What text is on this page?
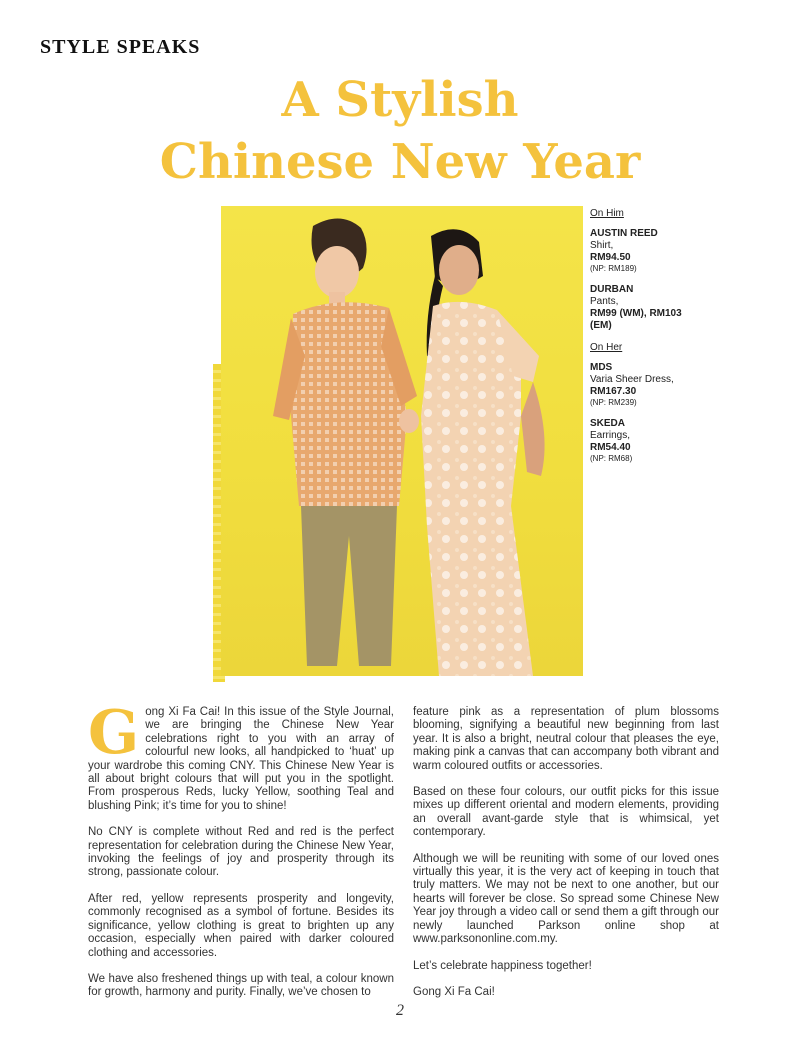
STYLE SPEAKS
A Stylish
Chinese New Year
On Him
AUSTIN REED
Shirt,
RM94.50
(NP: RM189)
DURBAN
Pants,
RM99 (WM), RM103 (EM)
On Her
MDS
Varia Sheer Dress,
RM167.30
(NP: RM239)
SKEDA
Earrings,
RM54.40
(NP: RM68)

Gong Xi Fa Cai! In this issue of the Style Journal, we are bringing the Chinese New Year celebrations right to you with an array of colourful new looks, all handpicked to ‘huat’ up your wardrobe this coming CNY. This Chinese New Year is all about bright colours that will put you in the spotlight. From prosperous Reds, lucky Yellow, soothing Teal and blushing Pink; it’s time for you to shine!

No CNY is complete without Red and red is the perfect representation for celebration during the Chinese New Year, invoking the feelings of joy and prosperity through its strong, passionate colour.

After red, yellow represents prosperity and longevity, commonly recognised as a symbol of fortune. Besides its significance, yellow clothing is great to brighten up any occasion, especially when paired with darker coloured clothing and accessories.

We have also freshened things up with teal, a colour known for growth, harmony and purity. Finally, we’ve chosen to

feature pink as a representation of plum blossoms blooming, signifying a beautiful new beginning from last year. It is also a bright, neutral colour that pleases the eye, making pink a canvas that can accompany both vibrant and warm coloured outfits or accessories.

Based on these four colours, our outfit picks for this issue mixes up different oriental and modern elements, providing an overall avant-garde style that is whimsical, yet contemporary.

Although we will be reuniting with some of our loved ones virtually this year, it is the very act of keeping in touch that truly matters. We may not be next to one another, but our hearts will forever be close. So spread some Chinese New Year joy through a video call or send them a gift through our newly launched Parkson online shop at www.parksononline.com.my.

Let’s celebrate happiness together!

Gong Xi Fa Cai!

2
